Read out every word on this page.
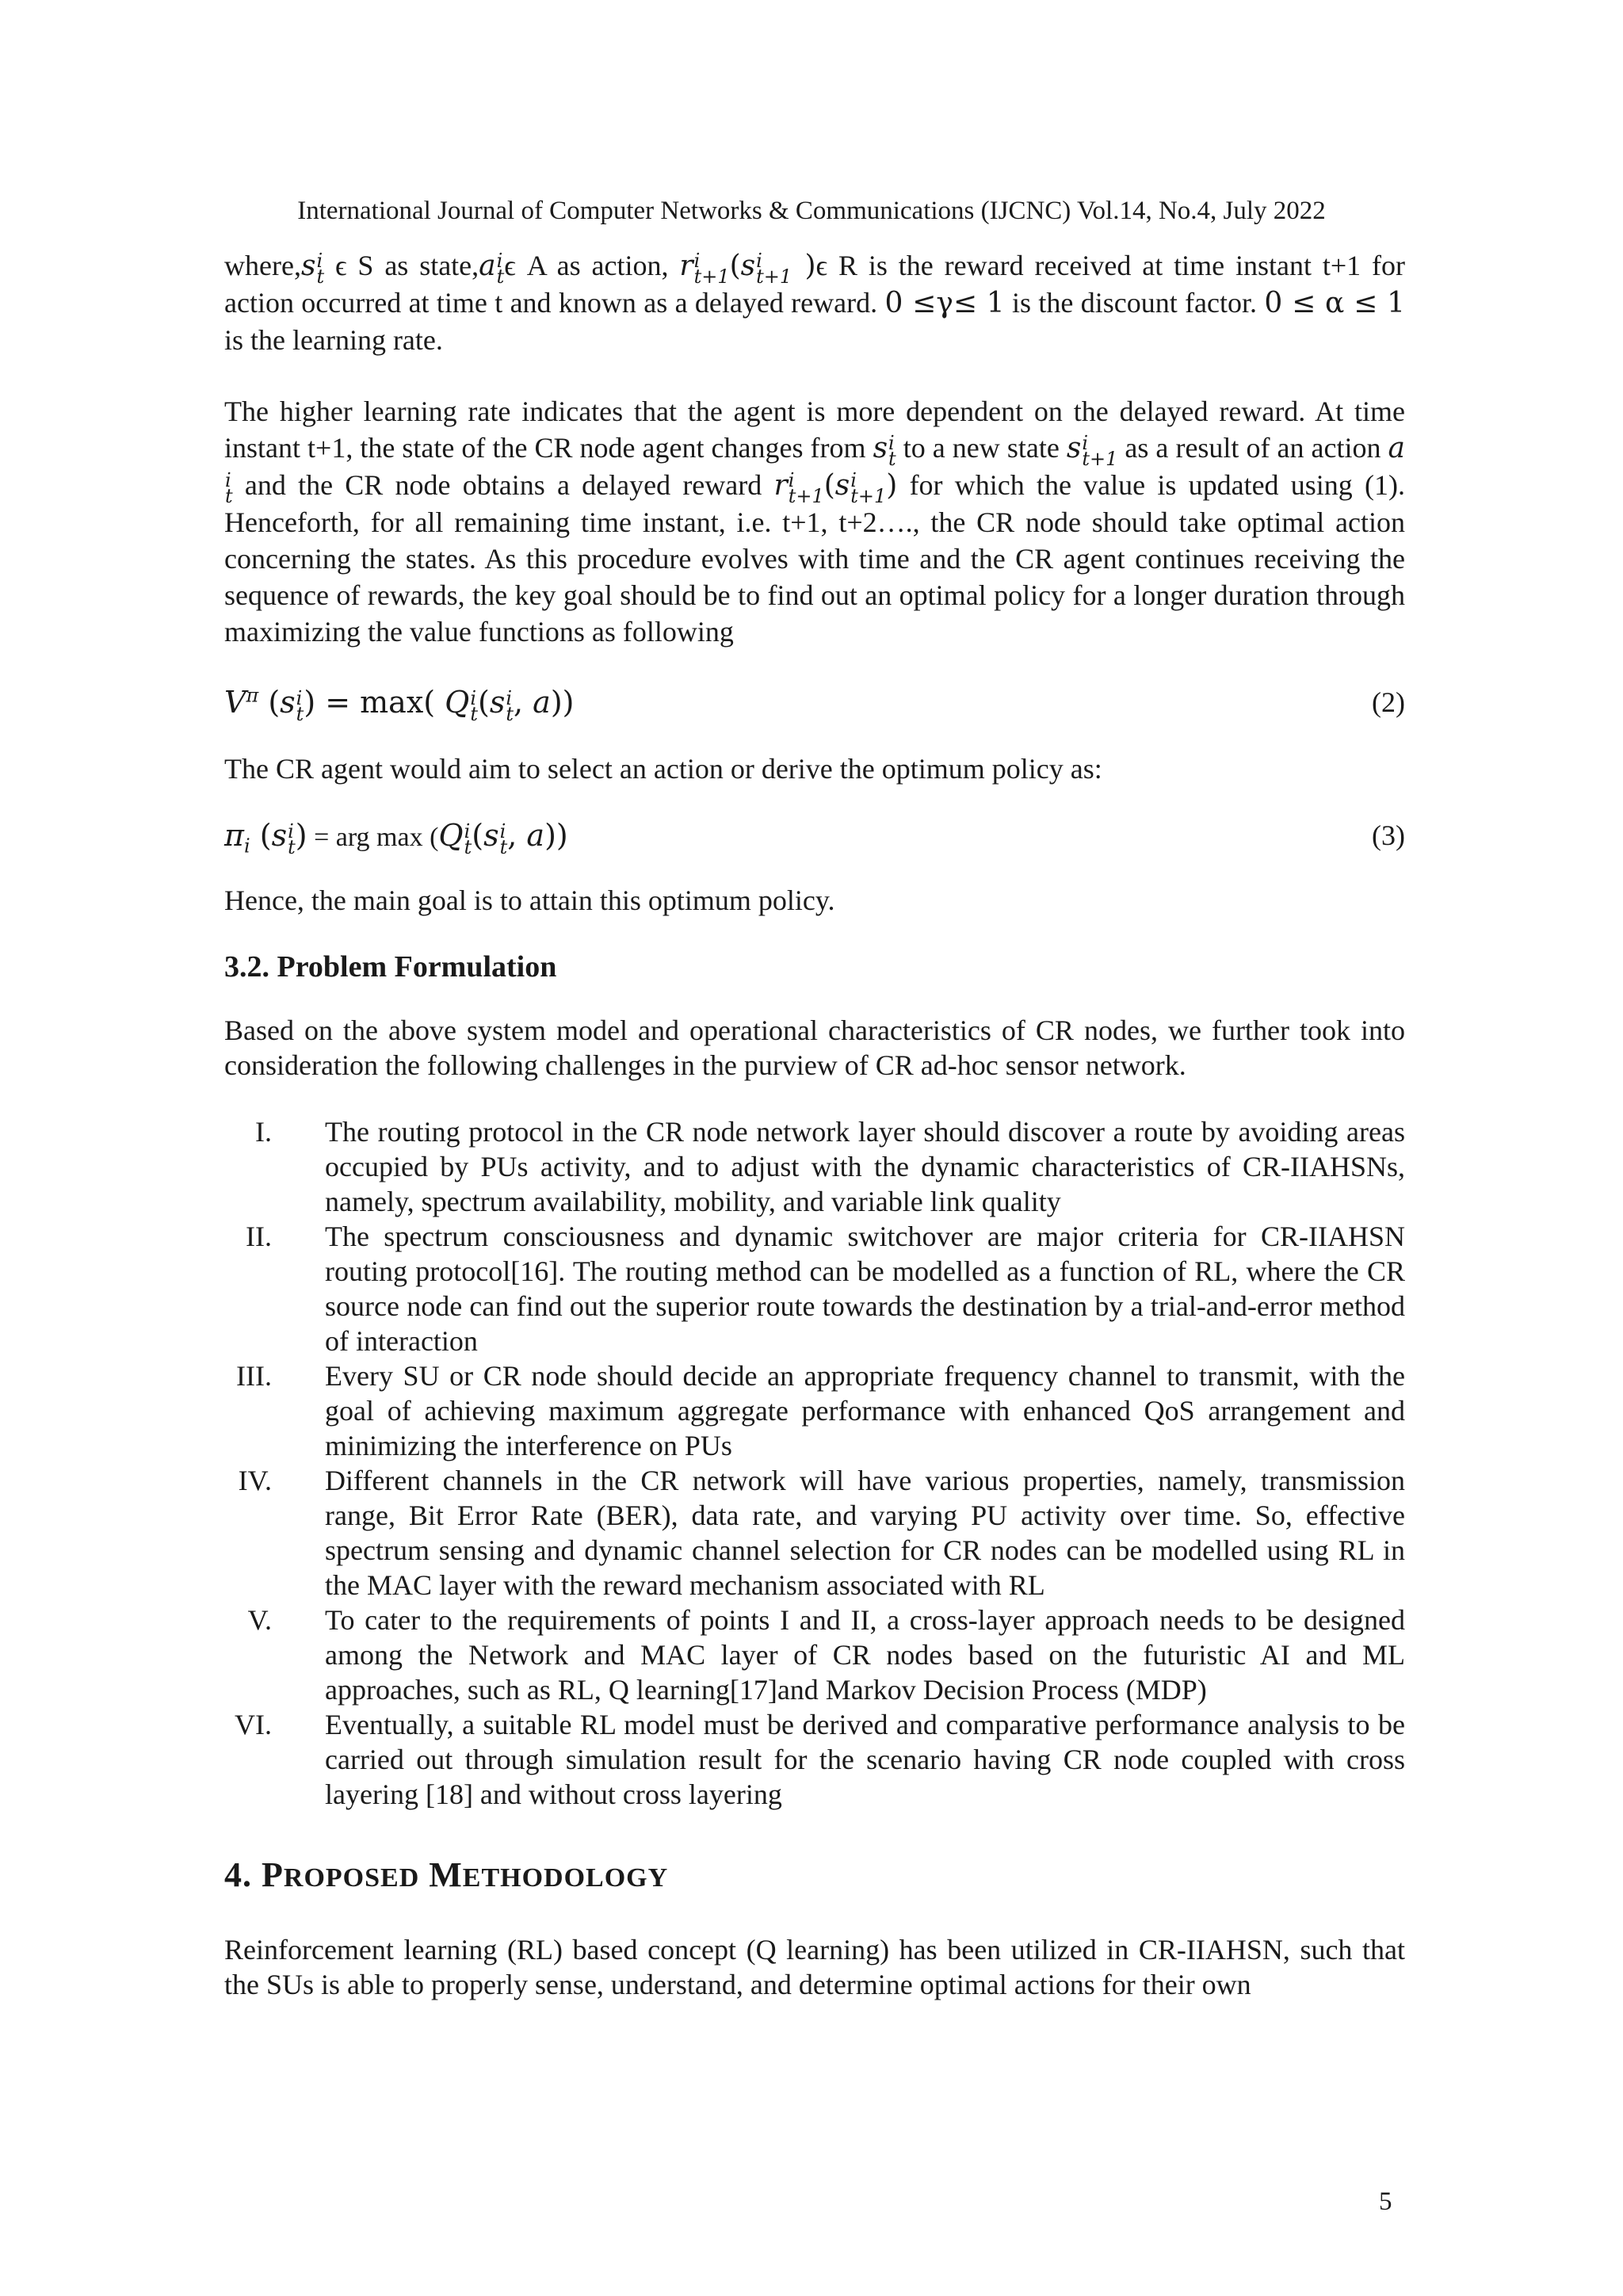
International Journal of Computer Networks & Communications (IJCNC) Vol.14, No.4, July 2022

where,s i
t ϵ S as state,a i
t ϵ A as action, r i
t+1 (s i
t+1 )ϵ R is the reward received at time instant t+1 for action occurred at time t and known as a delayed reward. 0 ≤γ≤ 1 is the discount factor. 0 ≤ α ≤ 1 is the learning rate.

The higher learning rate indicates that the agent is more dependent on the delayed reward. At time instant t+1, the state of the CR node agent changes from s i
t to a new state s i
t+1 as a result of an action a
i
t and the CR node obtains a delayed reward r i
t+1 (s i
t+1 ) for which the value is updated using (1). Henceforth, for all remaining time instant, i.e. t+1, t+2…., the CR node should take optimal action concerning the states. As this procedure evolves with time and the CR agent continues receiving the sequence of rewards, the key goal should be to find out an optimal policy for a longer duration through maximizing the value functions as following

$V^\pi$ (s i
t ) = max( Q i
t (s i
t , a))	(2)

The CR agent would aim to select an action or derive the optimum policy as:

$\pi_i$ (s i
t ) = arg max (Q i
t (s i
t , a))	(3)

Hence, the main goal is to attain this optimum policy.

3.2. Problem Formulation

Based on the above system model and operational characteristics of CR nodes, we further took into consideration the following challenges in the purview of CR ad-hoc sensor network.

I. The routing protocol in the CR node network layer should discover a route by avoiding areas occupied by PUs activity, and to adjust with the dynamic characteristics of CR-IIAHSNs, namely, spectrum availability, mobility, and variable link quality
II. The spectrum consciousness and dynamic switchover are major criteria for CR-IIAHSN routing protocol[16]. The routing method can be modelled as a function of RL, where the CR source node can find out the superior route towards the destination by a trial-and-error method of interaction
III. Every SU or CR node should decide an appropriate frequency channel to transmit, with the goal of achieving maximum aggregate performance with enhanced QoS arrangement and minimizing the interference on PUs
IV. Different channels in the CR network will have various properties, namely, transmission range, Bit Error Rate (BER), data rate, and varying PU activity over time. So, effective spectrum sensing and dynamic channel selection for CR nodes can be modelled using RL in the MAC layer with the reward mechanism associated with RL
V. To cater to the requirements of points I and II, a cross-layer approach needs to be designed among the Network and MAC layer of CR nodes based on the futuristic AI and ML approaches, such as RL, Q learning[17]and Markov Decision Process (MDP)
VI. Eventually, a suitable RL model must be derived and comparative performance analysis to be carried out through simulation result for the scenario having CR node coupled with cross layering [18] and without cross layering
4. PROPOSED METHODOLOGY

Reinforcement learning (RL) based concept (Q learning) has been utilized in CR-IIAHSN, such that the SUs is able to properly sense, understand, and determine optimal actions for their own

5
